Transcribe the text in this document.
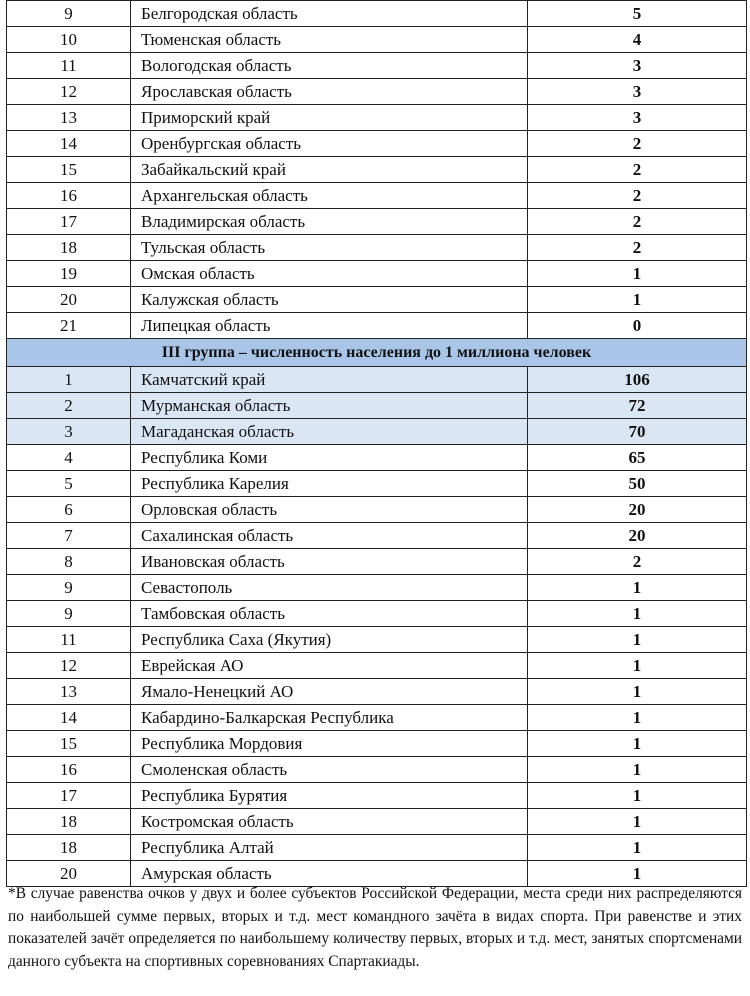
9	Белгородская область	5
10	Тюменская область	4
11	Вологодская область	3
12	Ярославская область	3
13	Приморский край	3
14	Оренбургская область	2
15	Забайкальский край	2
16	Архангельская область	2
17	Владимирская область	2
18	Тульская область	2
19	Омская область	1
20	Калужская область	1
21	Липецкая область	0
III группа – численность населения до 1 миллиона человек		
1	Камчатский край	106
2	Мурманская область	72
3	Магаданская область	70
4	Республика Коми	65
5	Республика Карелия	50
6	Орловская область	20
7	Сахалинская область	20
8	Ивановская область	2
9	Севастополь	1
9	Тамбовская область	1
11	Республика Саха (Якутия)	1
12	Еврейская АО	1
13	Ямало-Ненецкий АО	1
14	Кабардино-Балкарская Республика	1
15	Республика Мордовия	1
16	Смоленская область	1
17	Республика Бурятия	1
18	Костромская область	1
18	Республика Алтай	1
20	Амурская область	1

*В случае равенства очков у двух и более субъектов Российской Федерации, места среди них распределяются по наибольшей сумме первых, вторых и т.д. мест командного зачёта в видах спорта. При равенстве и этих показателей зачёт определяется по наибольшему количеству первых, вторых и т.д. мест, занятых спортсменами данного субъекта на спортивных соревнованиях Спартакиады.
